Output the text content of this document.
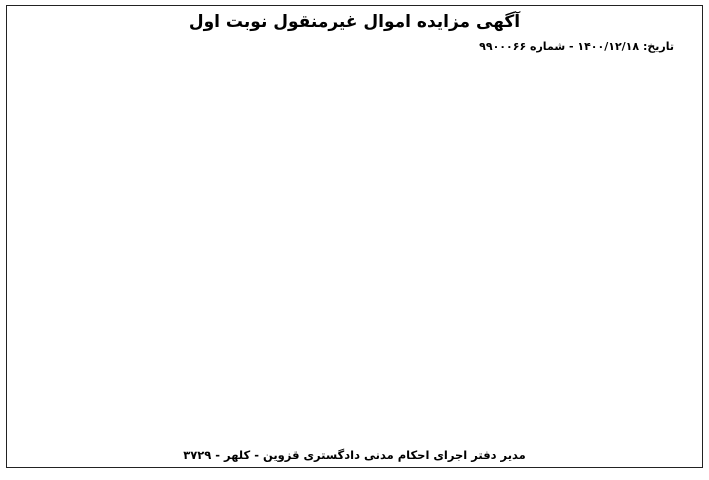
آگهی مزایده اموال غیرمنقول نوبت اول
تاریخ: ۱۴۰۰/۱۲/۱۸ - شماره ۹۹۰۰۰۶۶
مدیر دفتر اجرای احکام مدنی دادگستری قزوین - کلهر - ۳۷۲۹
